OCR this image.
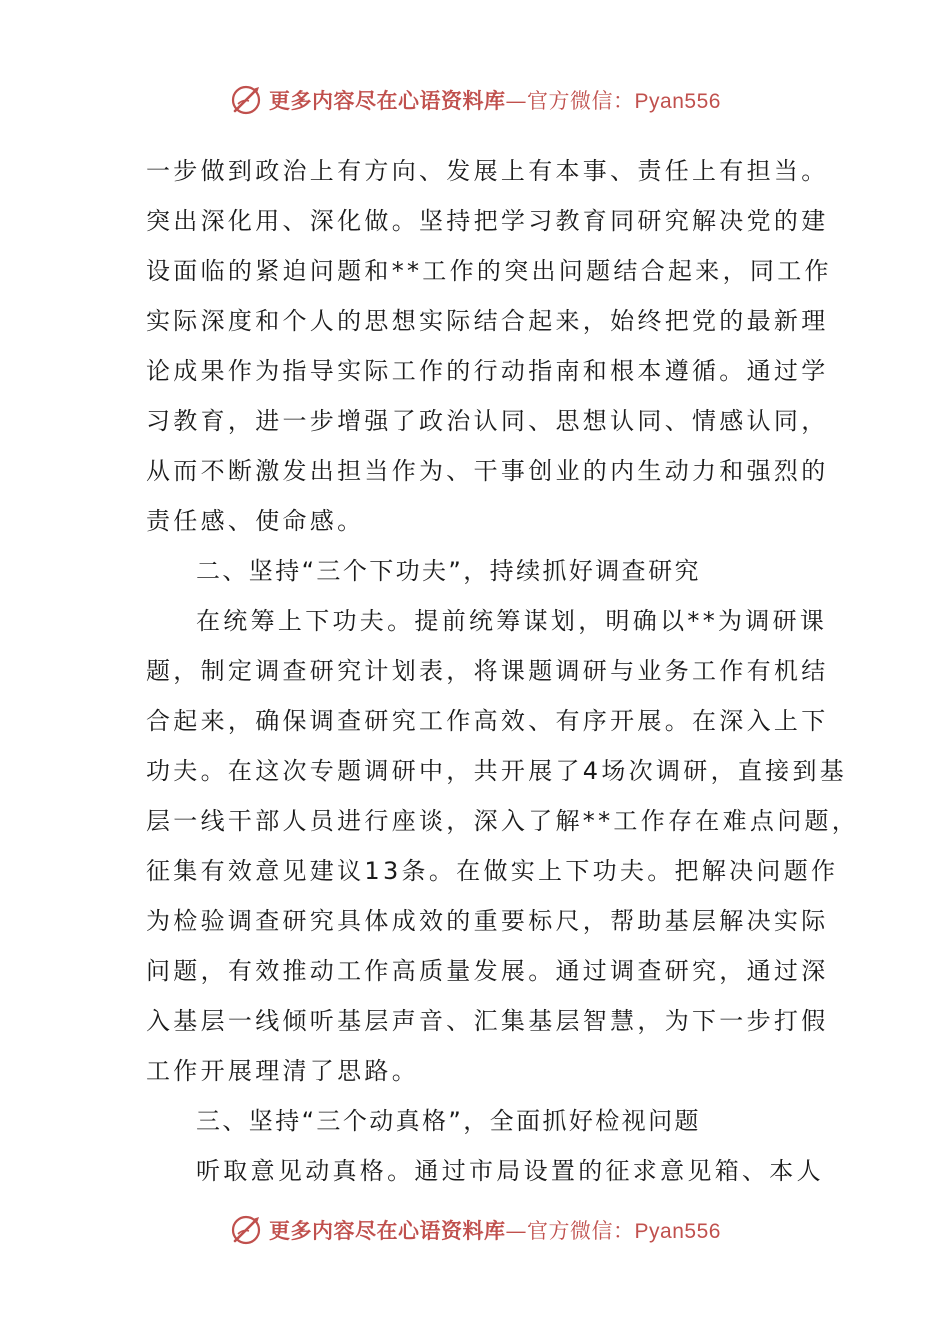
更多内容尽在心语资料库—官方微信：Pyan556
一步做到政治上有方向、发展上有本事、责任上有担当。
突出深化用、深化做。坚持把学习教育同研究解决党的建
设面临的紧迫问题和**工作的突出问题结合起来，同工作
实际深度和个人的思想实际结合起来，始终把党的最新理
论成果作为指导实际工作的行动指南和根本遵循。通过学
习教育，进一步增强了政治认同、思想认同、情感认同，
从而不断激发出担当作为、干事创业的内生动力和强烈的
责任感、使命感。
二、坚持“三个下功夫”，持续抓好调查研究
在统筹上下功夫。提前统筹谋划，明确以**为调研课
题，制定调查研究计划表，将课题调研与业务工作有机结
合起来，确保调查研究工作高效、有序开展。在深入上下
功夫。在这次专题调研中，共开展了4场次调研，直接到基
层一线干部人员进行座谈，深入了解**工作存在难点问题，
征集有效意见建议13条。在做实上下功夫。把解决问题作
为检验调查研究具体成效的重要标尺，帮助基层解决实际
问题，有效推动工作高质量发展。通过调查研究，通过深
入基层一线倾听基层声音、汇集基层智慧，为下一步打假
工作开展理清了思路。
三、坚持“三个动真格”，全面抓好检视问题
听取意见动真格。通过市局设置的征求意见箱、本人
更多内容尽在心语资料库—官方微信：Pyan556
